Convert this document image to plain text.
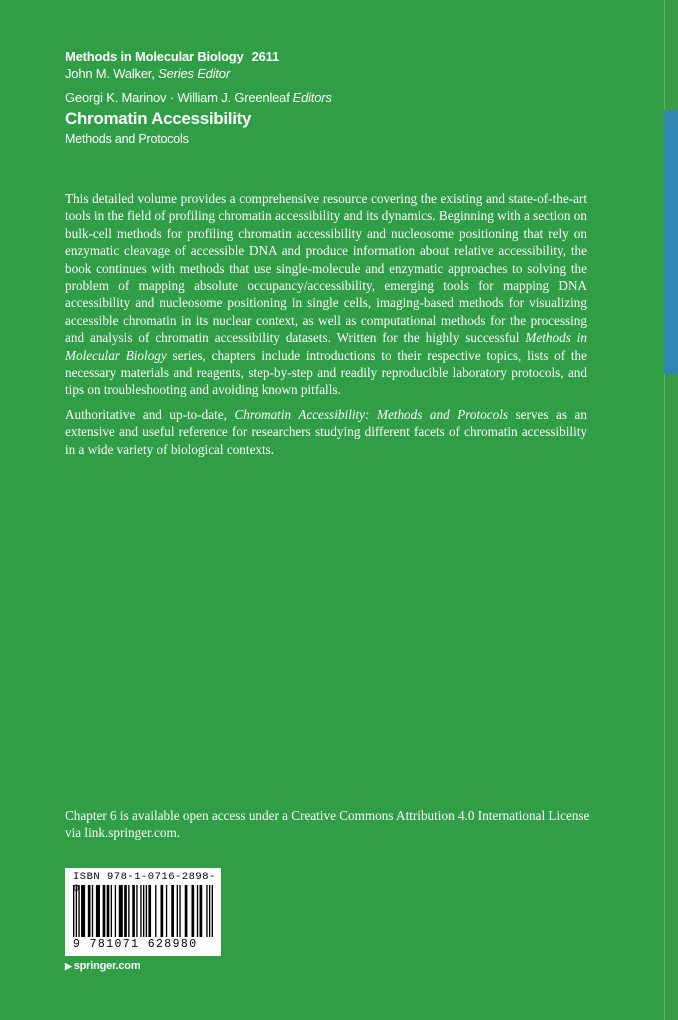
Methods in Molecular Biology 2611
John M. Walker, Series Editor
Georgi K. Marinov · William J. Greenleaf Editors
Chromatin Accessibility
Methods and Protocols

This detailed volume provides a comprehensive resource covering the existing and state-of-the-art tools in the field of profiling chromatin accessibility and its dynamics. Beginning with a section on bulk-cell methods for profiling chromatin accessibility and nucleosome positioning that rely on enzymatic cleavage of accessible DNA and produce information about relative accessibility, the book continues with methods that use single-molecule and enzymatic approaches to solving the problem of mapping absolute occupancy/accessibility, emerging tools for mapping DNA accessibility and nucleosome positioning in single cells, imaging-based methods for visualizing accessible chromatin in its nuclear context, as well as computational methods for the processing and analysis of chromatin accessibility datasets. Written for the highly successful Methods in Molecular Biology series, chapters include introductions to their respective topics, lists of the necessary materials and reagents, step-by-step and readily reproducible laboratory protocols, and tips on troubleshooting and avoiding known pitfalls.

Authoritative and up-to-date, Chromatin Accessibility: Methods and Protocols serves as an extensive and useful reference for researchers studying different facets of chromatin accessibility in a wide variety of biological contexts.

Chapter 6 is available open access under a Creative Commons Attribution 4.0 International License via link.springer.com.
ISBN 978-1-0716-2898-0
9 781071 628980
▶ springer.com
